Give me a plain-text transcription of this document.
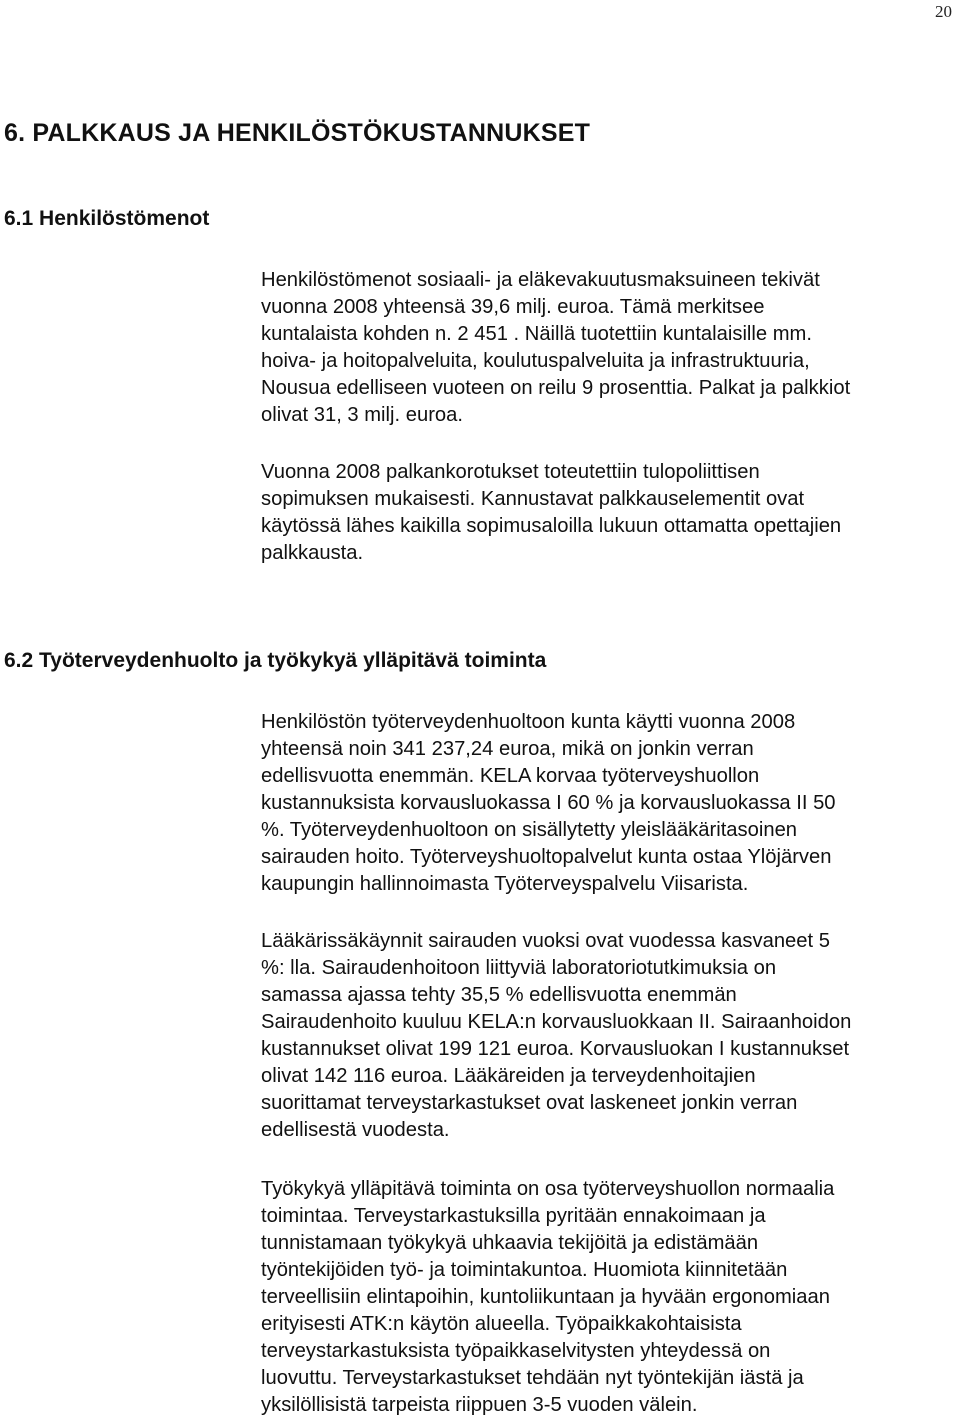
20
6. PALKKAUS JA HENKILÖSTÖKUSTANNUKSET
6.1 Henkilöstömenot
Henkilöstömenot sosiaali- ja eläkevakuutusmaksuineen tekivät
vuonna 2008 yhteensä 39,6 milj. euroa. Tämä merkitsee
kuntalaista kohden n. 2 451 . Näillä tuotettiin kuntalaisille mm.
hoiva- ja hoitopalveluita, koulutuspalveluita ja infrastruktuuria,
Nousua edelliseen vuoteen on reilu 9 prosenttia. Palkat ja palkkiot
olivat 31, 3 milj. euroa.
Vuonna 2008 palkankorotukset toteutettiin tulopoliittisen
sopimuksen mukaisesti. Kannustavat palkkauselementit ovat
käytössä lähes kaikilla sopimusaloilla lukuun ottamatta opettajien
palkkausta.
6.2 Työterveydenhuolto ja työkykyä ylläpitävä toiminta
Henkilöstön työterveydenhuoltoon kunta käytti vuonna 2008
yhteensä noin 341 237,24 euroa, mikä on jonkin verran
edellisvuotta enemmän. KELA korvaa työterveyshuollon
kustannuksista korvausluokassa I 60 % ja korvausluokassa II 50
%. Työterveydenhuoltoon on sisällytetty yleislääkäritasoinen
sairauden hoito. Työterveyshuoltopalvelut kunta ostaa Ylöjärven
kaupungin hallinnoimasta Työterveyspalvelu Viisarista.
Lääkärissäkäynnit sairauden vuoksi ovat vuodessa kasvaneet 5
%: lla. Sairaudenhoitoon liittyviä laboratoriotutkimuksia on
samassa ajassa tehty 35,5 % edellisvuotta enemmän
Sairaudenhoito kuuluu KELA:n korvausluokkaan II. Sairaanhoidon
kustannukset olivat 199 121 euroa. Korvausluokan I kustannukset
olivat 142 116 euroa. Lääkäreiden ja terveydenhoitajien
suorittamat terveystarkastukset ovat laskeneet jonkin verran
edellisestä vuodesta.
Työkykyä ylläpitävä toiminta on osa työterveyshuollon normaalia
toimintaa. Terveystarkastuksilla pyritään ennakoimaan ja
tunnistamaan työkykyä uhkaavia tekijöitä ja edistämään
työntekijöiden työ- ja toimintakuntoa. Huomiota kiinnitetään
terveellisiin elintapoihin, kuntoliikuntaan ja hyvään ergonomiaan
erityisesti ATK:n käytön alueella. Työpaikkakohtaisista
terveystarkastuksista työpaikkaselvitysten yhteydessä on
luovuttu. Terveystarkastukset tehdään nyt työntekijän iästä ja
yksilöllisistä tarpeista riippuen 3-5 vuoden välein.
